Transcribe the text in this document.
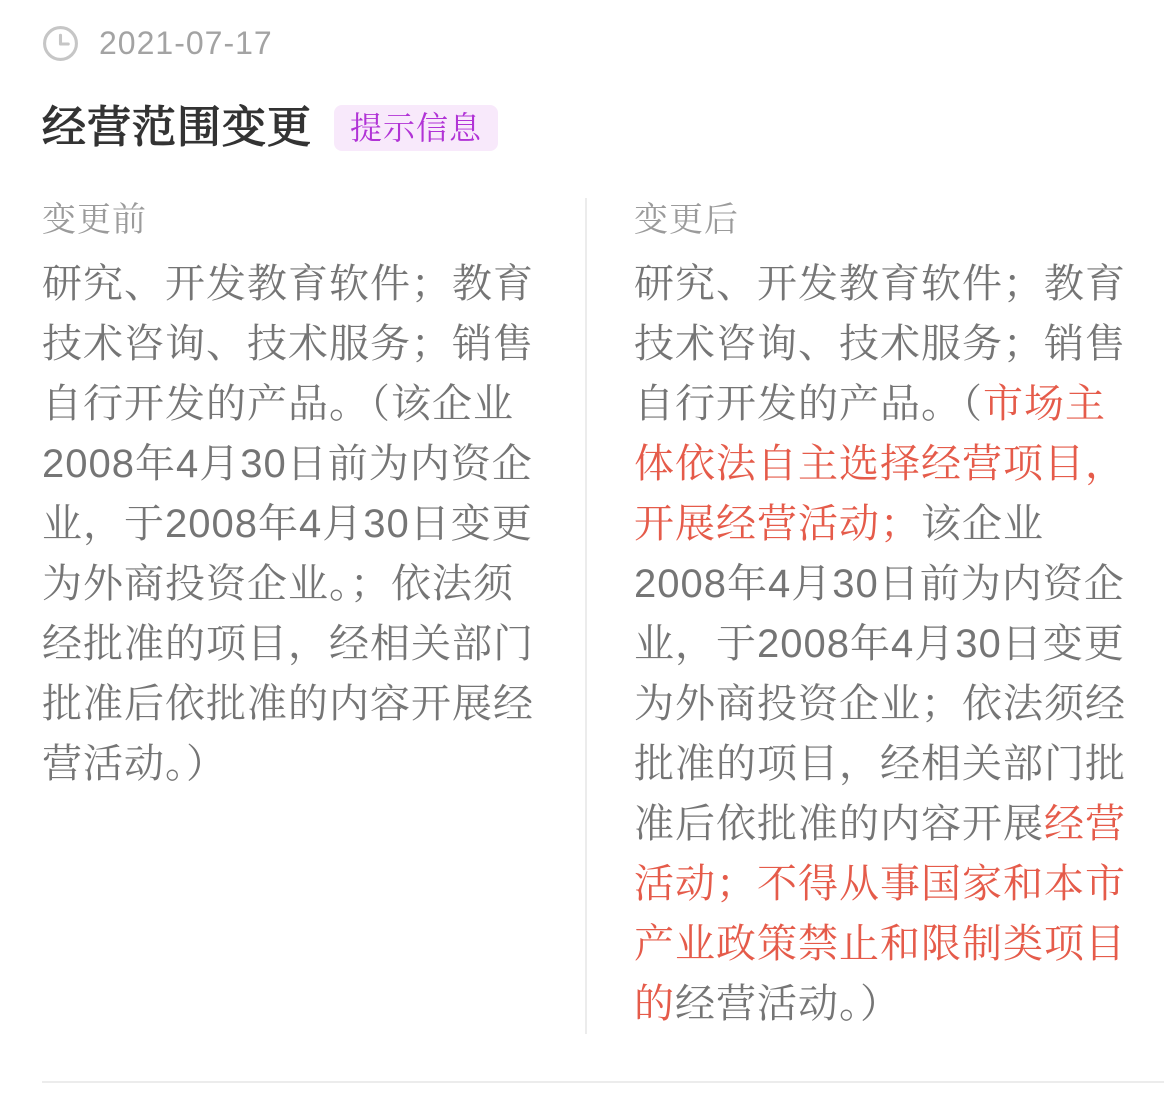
2021-07-17
经营范围变更	提示信息
变更前

研究、开发教育软件；教育技术咨询、技术服务；销售自行开发的产品。（该企业2008年4月30日前为内资企业，于2008年4月30日变更为外商投资企业。；依法须经批准的项目，经相关部门批准后依批准的内容开展经营活动。）

变更后

研究、开发教育软件；教育技术咨询、技术服务；销售自行开发的产品。（市场主体依法自主选择经营项目，开展经营活动；该企业2008年4月30日前为内资企业，于2008年4月30日变更为外商投资企业；依法须经批准的项目，经相关部门批准后依批准的内容开展经营活动；不得从事国家和本市产业政策禁止和限制类项目的经营活动。）
